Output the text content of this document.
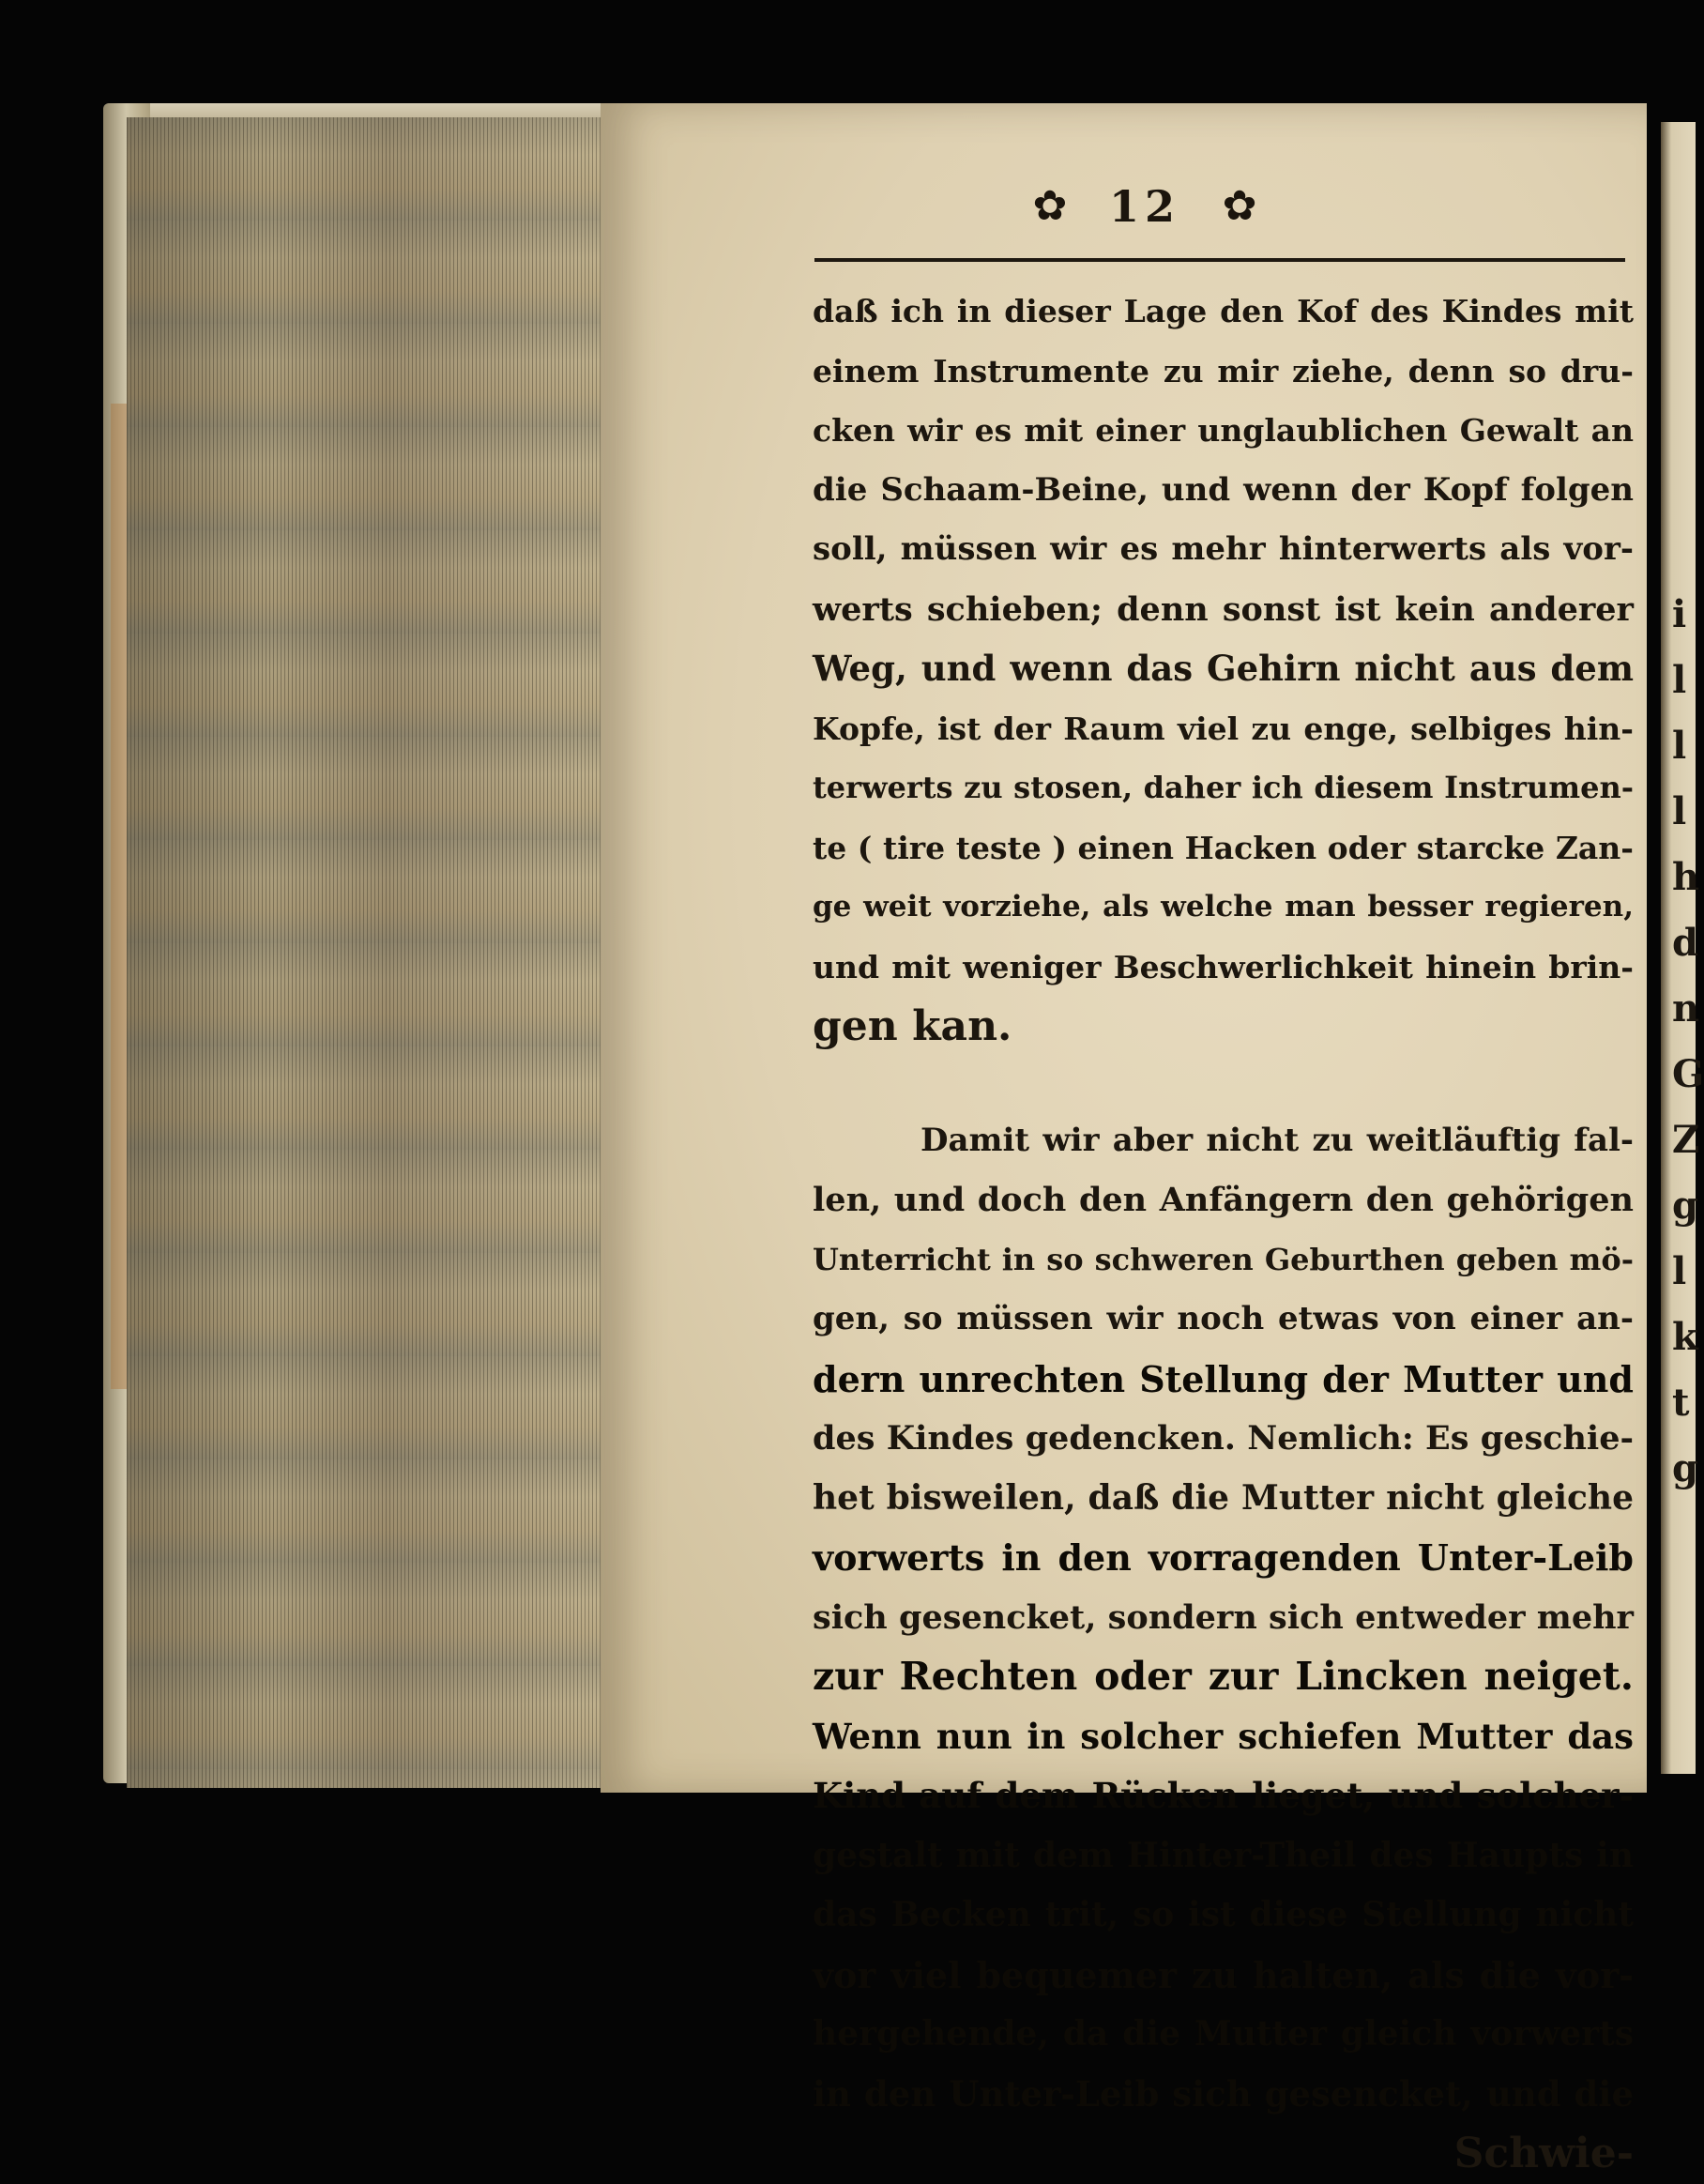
i
l
l
l
h
d
n
G
Z
g
l
k
t
g
✿ 12 ✿
daß ich in dieser Lage den Kof des Kindes mit
einem Instrumente zu mir ziehe, denn so dru-
cken wir es mit einer unglaublichen Gewalt an
die Schaam-Beine, und wenn der Kopf folgen
soll, müssen wir es mehr hinterwerts als vor-
werts schieben; denn sonst ist kein anderer
Weg, und wenn das Gehirn nicht aus dem
Kopfe, ist der Raum viel zu enge, selbiges hin-
terwerts zu stosen, daher ich diesem Instrumen-
te ( tire teste ) einen Hacken oder starcke Zan-
ge weit vorziehe, als welche man besser regieren,
und mit weniger Beschwerlichkeit hinein brin-
gen kan.
Damit wir aber nicht zu weitläuftig fal-
len, und doch den Anfängern den gehörigen
Unterricht in so schweren Geburthen geben mö-
gen, so müssen wir noch etwas von einer an-
dern unrechten Stellung der Mutter und
des Kindes gedencken. Nemlich: Es geschie-
het bisweilen, daß die Mutter nicht gleiche
vorwerts in den vorragenden Unter-Leib
sich gesencket, sondern sich entweder mehr
zur Rechten oder zur Lincken neiget.
Wenn nun in solcher schiefen Mutter das
Kind auf dem Rücken lieget, und solcher-
gestalt mit dem Hinter-Theil des Haupts in
das Becken trit, so ist diese Stellung nicht
vor viel bequemer zu halten, als die vor-
hergehende, da die Mutter gleich vorwerts
in den Unter-Leib sich gesencket, und die
Schwie-
